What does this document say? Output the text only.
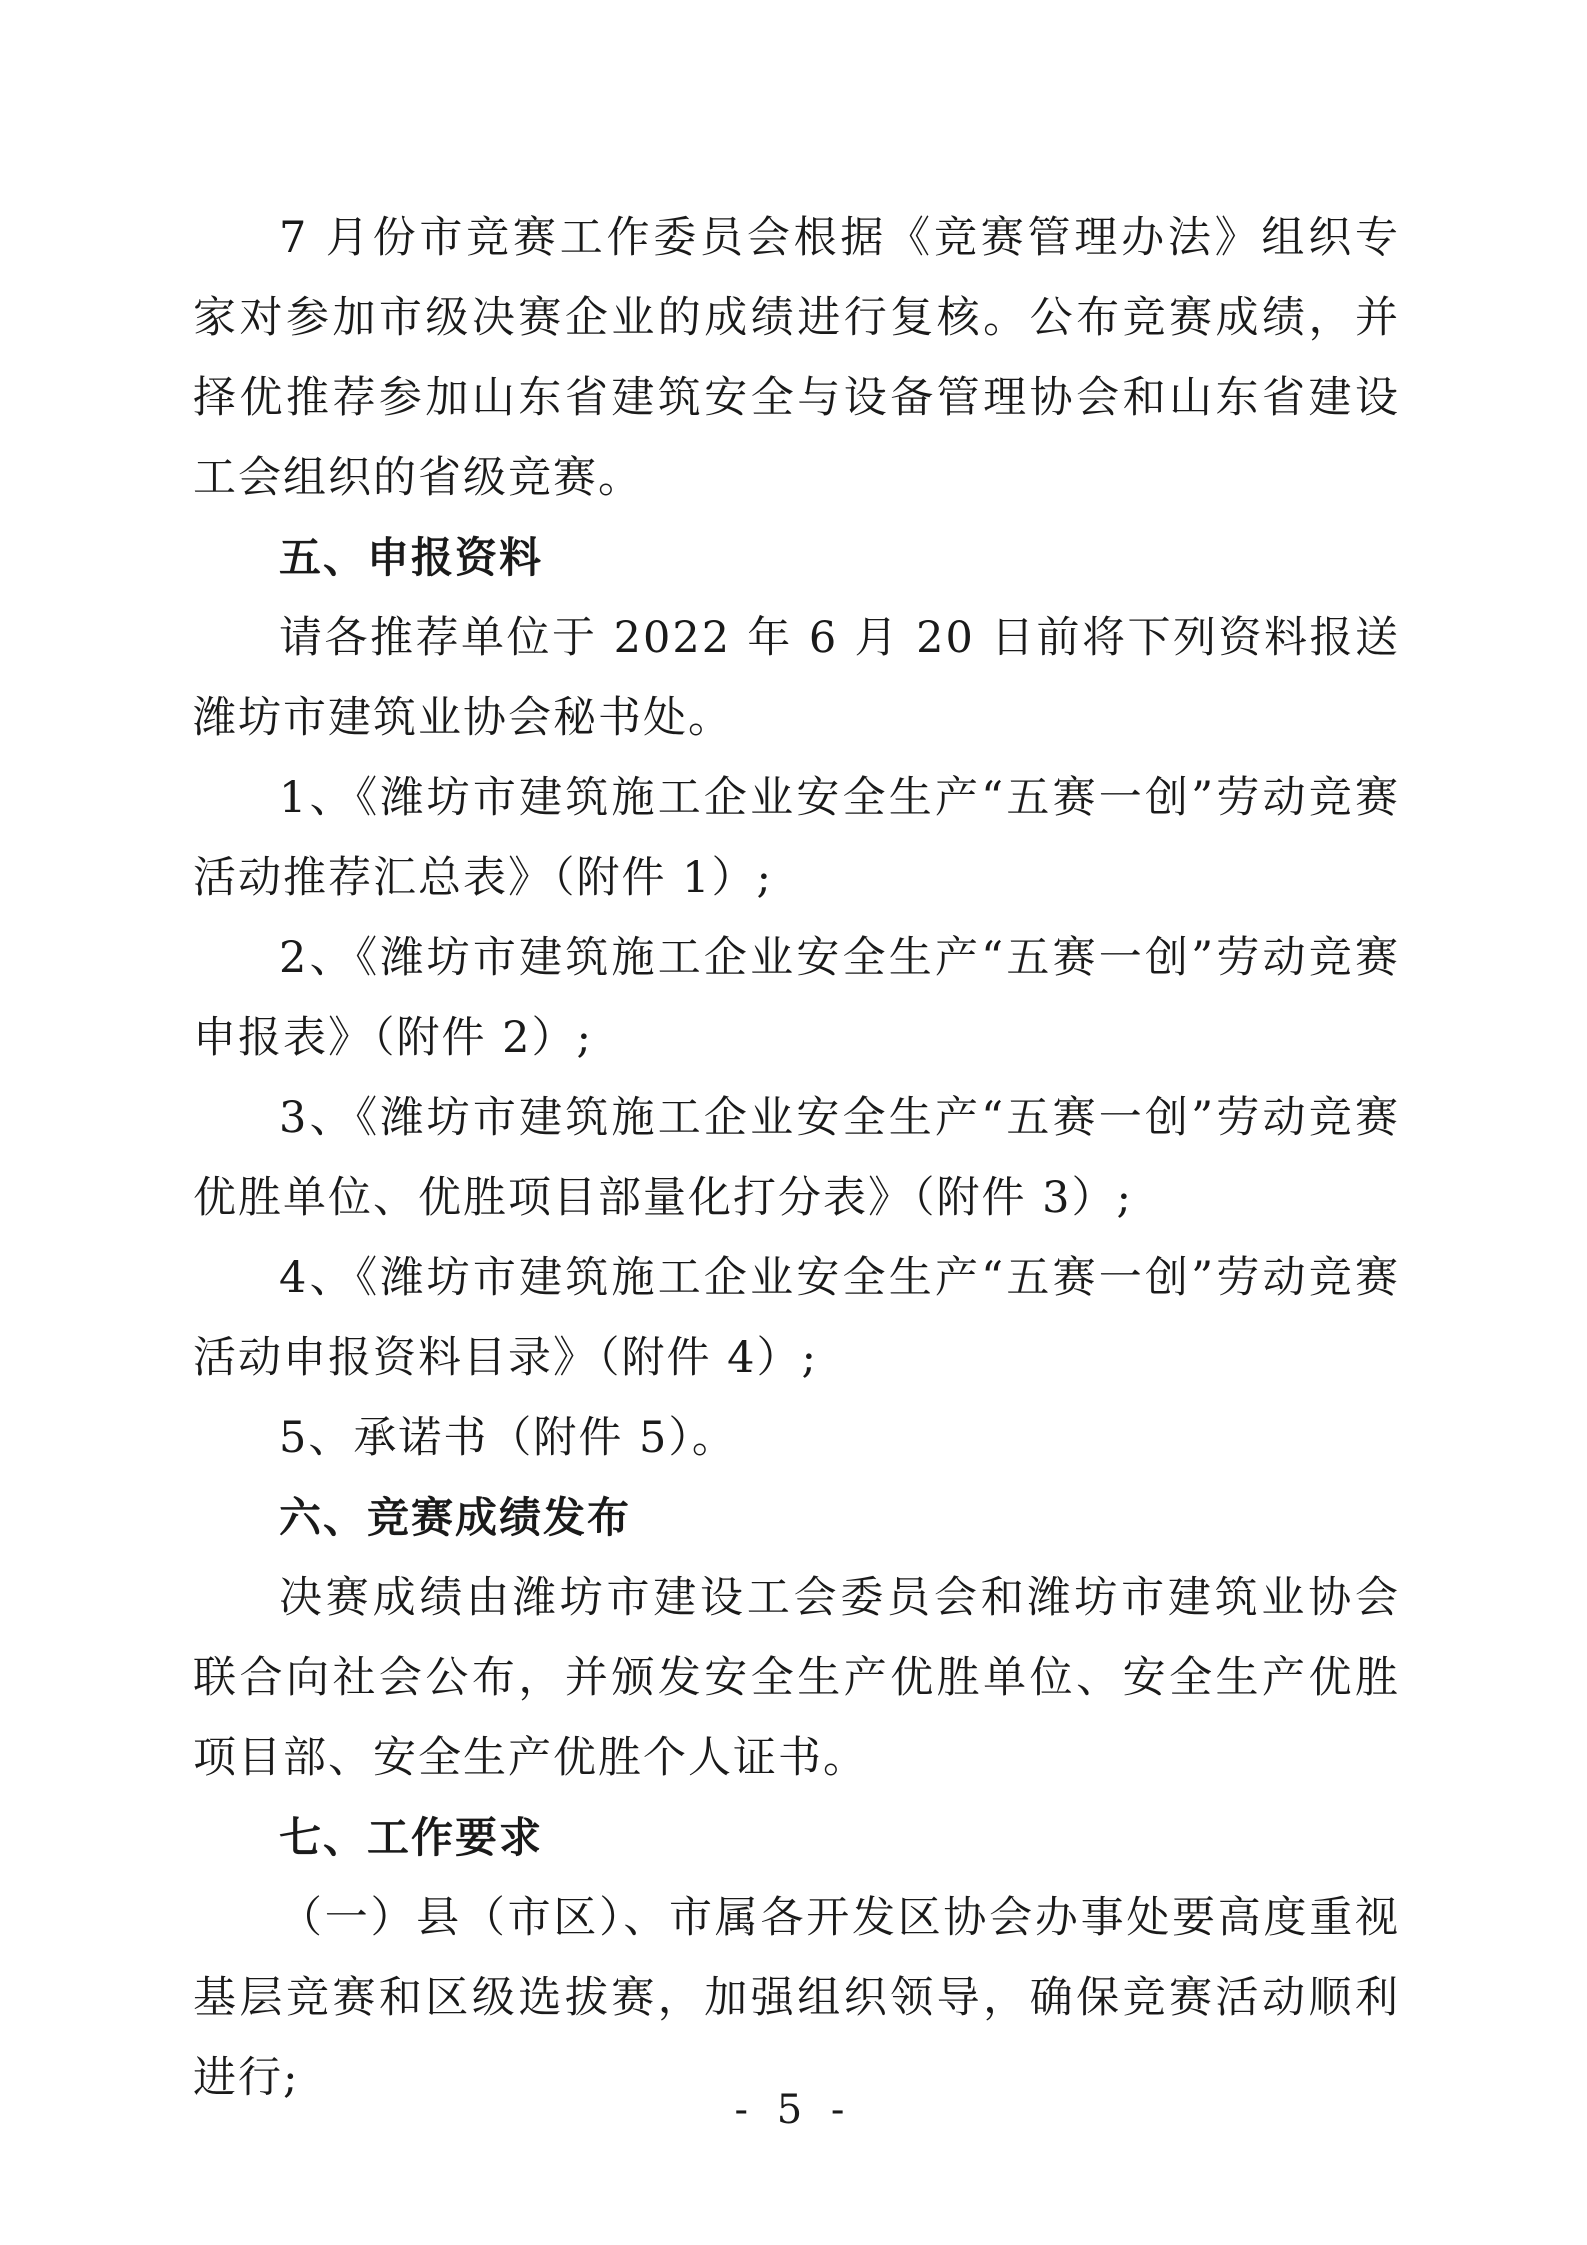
7 月份市竞赛工作委员会根据《竞赛管理办法》组织专家对参加市级决赛企业的成绩进行复核。公布竞赛成绩，并择优推荐参加山东省建筑安全与设备管理协会和山东省建设工会组织的省级竞赛。

五、申报资料

请各推荐单位于 2022 年 6 月 20 日前将下列资料报送潍坊市建筑业协会秘书处。

1、《潍坊市建筑施工企业安全生产“五赛一创”劳动竞赛活动推荐汇总表》（附件 1）;

2、《潍坊市建筑施工企业安全生产“五赛一创”劳动竞赛申报表》（附件 2）;

3、《潍坊市建筑施工企业安全生产“五赛一创”劳动竞赛优胜单位、优胜项目部量化打分表》（附件 3）;

4、《潍坊市建筑施工企业安全生产“五赛一创”劳动竞赛活动申报资料目录》（附件 4）;

5、承诺书（附件 5）。

六、竞赛成绩发布

决赛成绩由潍坊市建设工会委员会和潍坊市建筑业协会联合向社会公布，并颁发安全生产优胜单位、安全生产优胜项目部、安全生产优胜个人证书。

七、工作要求

（一）县（市区）、市属各开发区协会办事处要高度重视基层竞赛和区级选拔赛，加强组织领导，确保竞赛活动顺利进行;

- 5 -
